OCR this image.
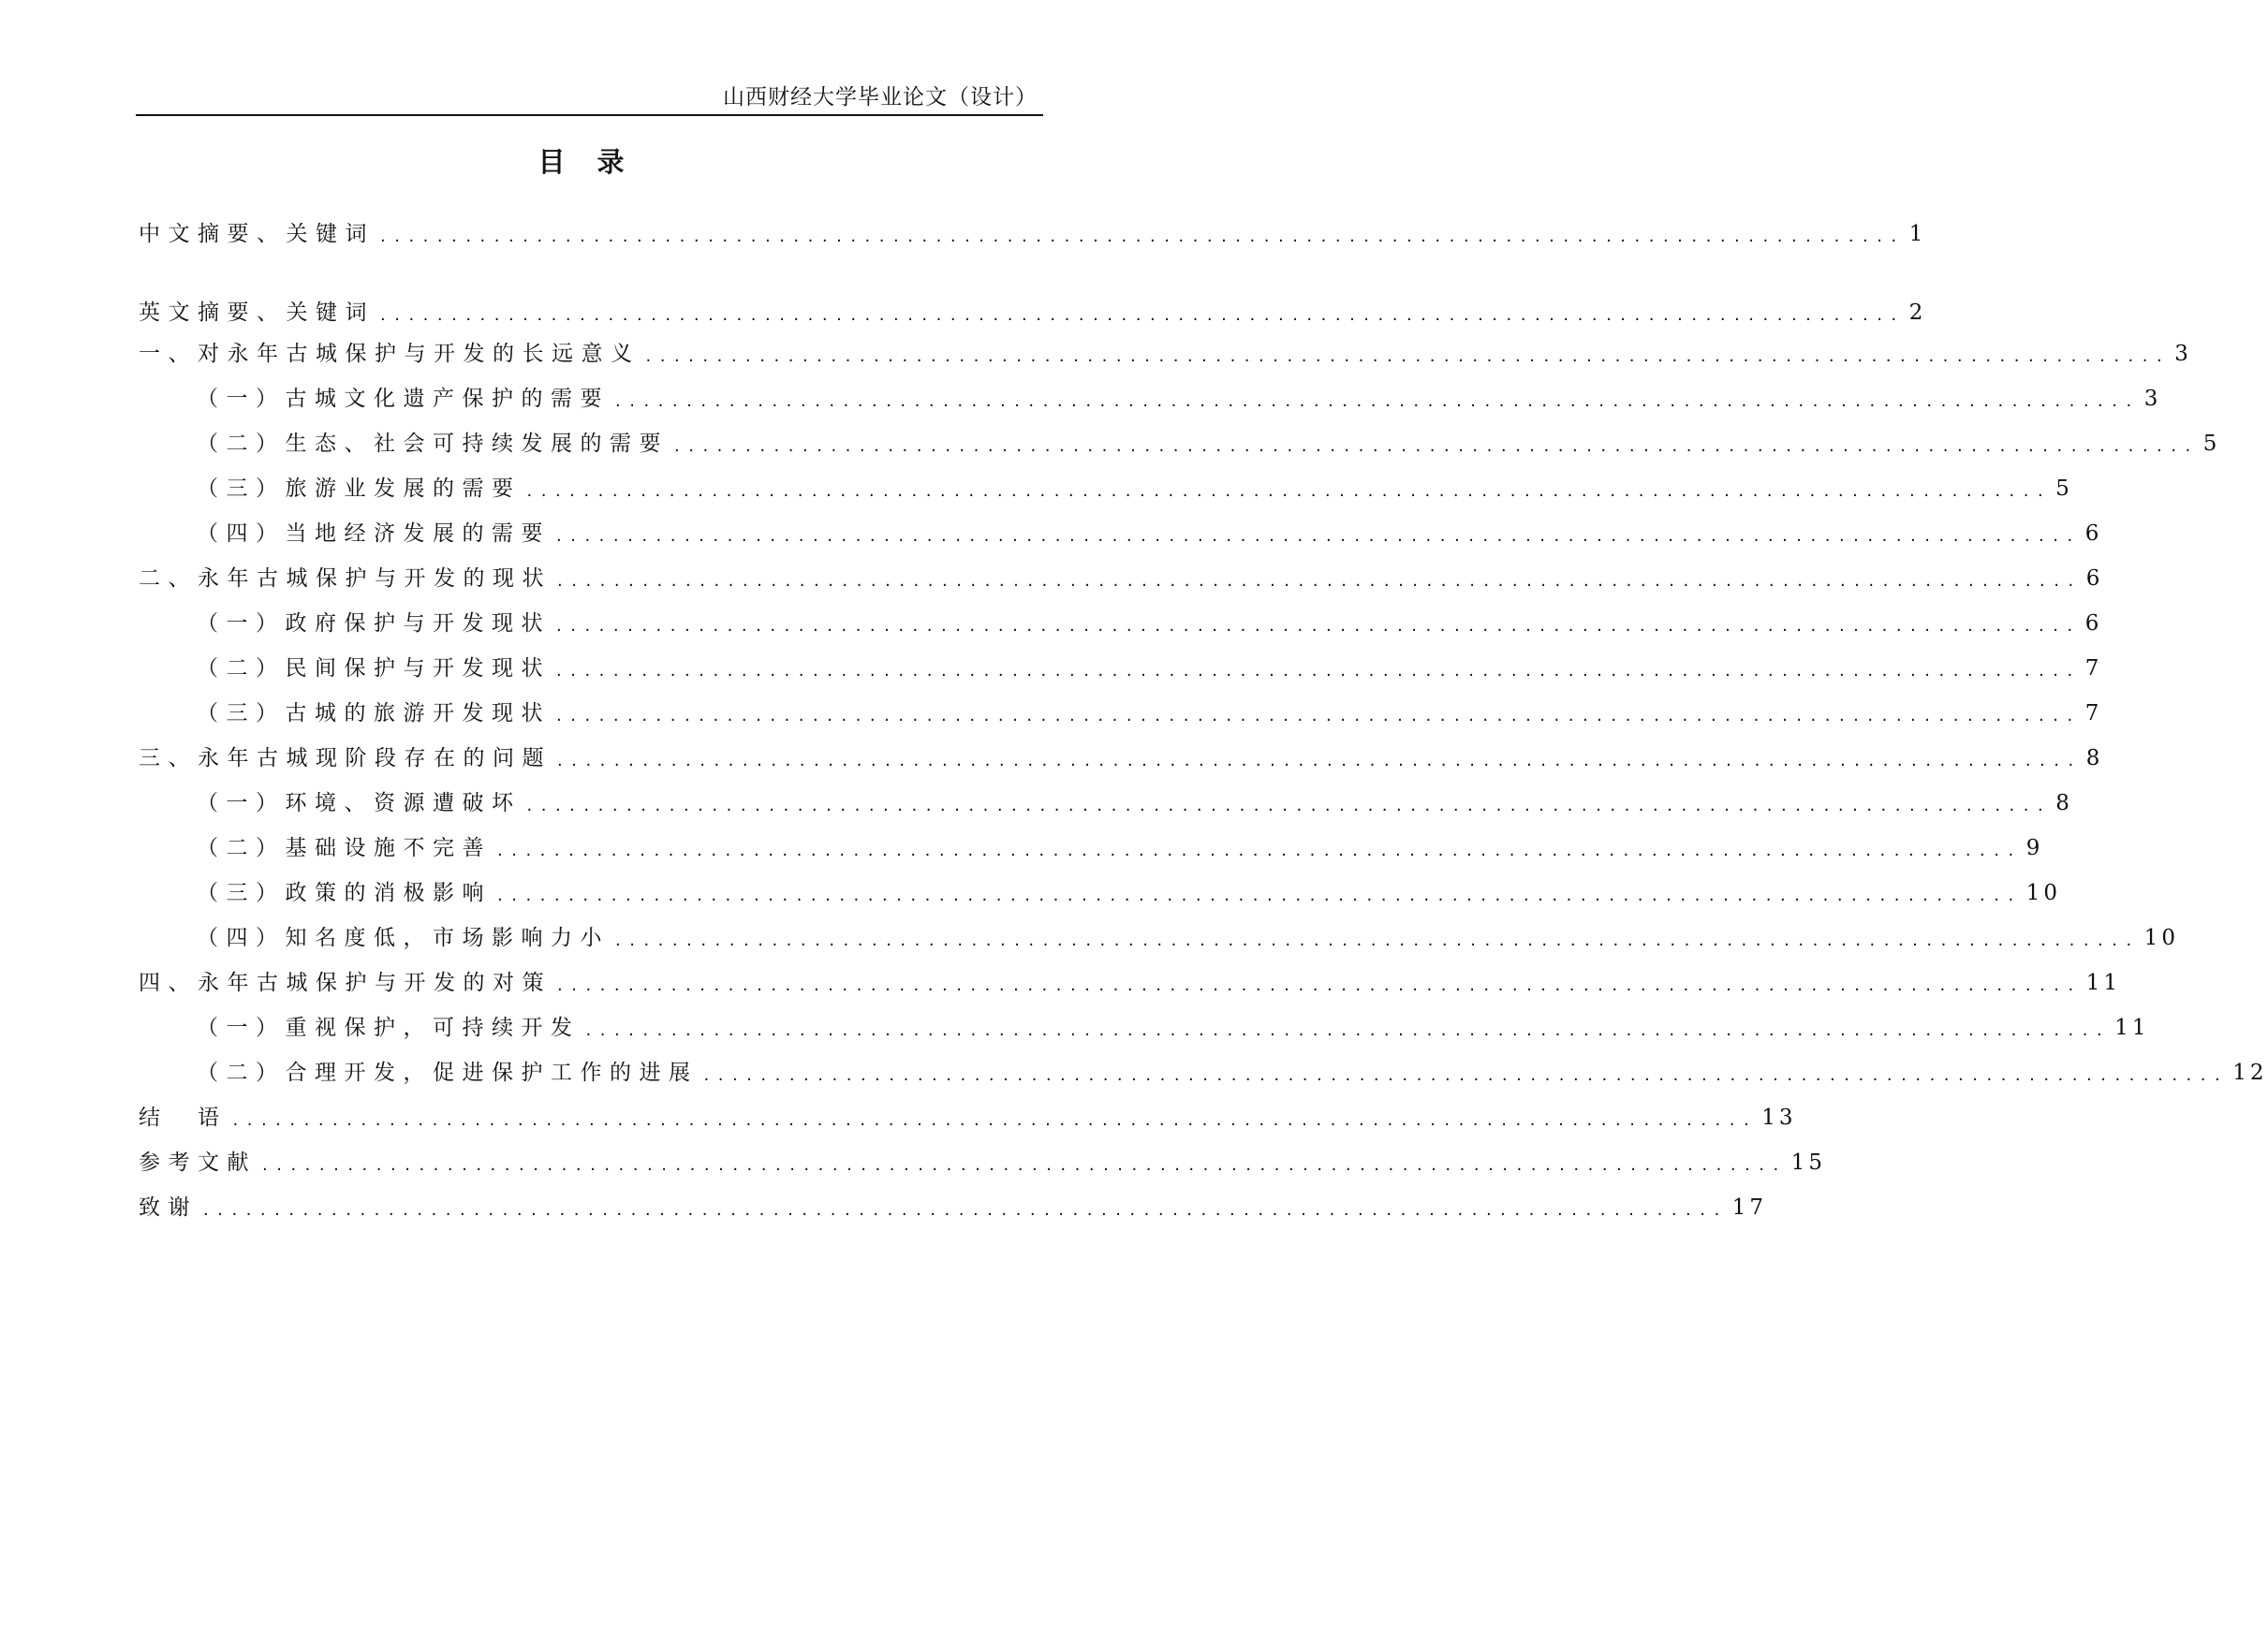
山西财经大学毕业论文（设计）
目录
中文摘要、关键词 ........................................................................................................... 1
英文摘要、关键词 ........................................................................................................... 2
一、对永年古城保护与开发的长远意义 ........................................................................................................... 3
（一）古城文化遗产保护的需要 ........................................................................................................... 3
（二）生态、社会可持续发展的需要 ........................................................................................................... 5
（三）旅游业发展的需要 ........................................................................................................... 5
（四）当地经济发展的需要 ........................................................................................................... 6
二、永年古城保护与开发的现状 ........................................................................................................... 6
（一）政府保护与开发现状 ........................................................................................................... 6
（二）民间保护与开发现状 ........................................................................................................... 7
（三）古城的旅游开发现状 ........................................................................................................... 7
三、永年古城现阶段存在的问题 ........................................................................................................... 8
（一）环境、资源遭破坏 ........................................................................................................... 8
（二）基础设施不完善 ........................................................................................................... 9
（三）政策的消极影响 ........................................................................................................... 10
（四）知名度低，市场影响力小 ........................................................................................................... 10
四、永年古城保护与开发的对策 ........................................................................................................... 11
（一）重视保护，可持续开发 ........................................................................................................... 11
（二）合理开发，促进保护工作的进展 ........................................................................................................... 12
结　语 ........................................................................................................... 13
参考文献 ........................................................................................................... 15
致谢 ........................................................................................................... 17
